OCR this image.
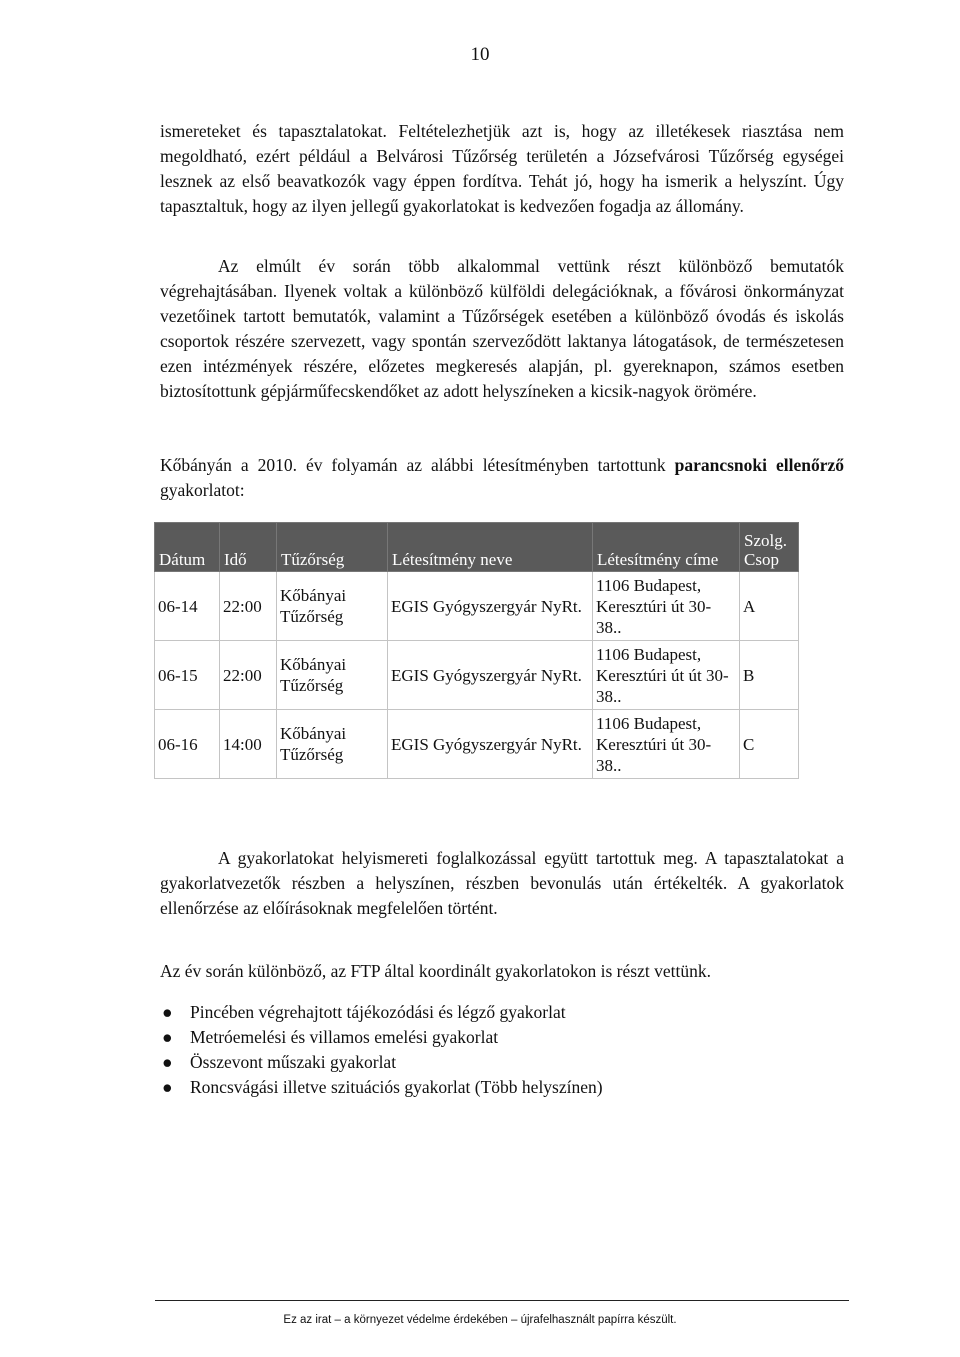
10

ismereteket és tapasztalatokat. Feltételezhetjük azt is, hogy az illetékesek riasztása nem megoldható, ezért például a Belvárosi Tűzőrség területén a Józsefvárosi Tűzőrség egységei lesznek az első beavatkozók vagy éppen fordítva. Tehát jó, hogy ha ismerik a helyszínt. Úgy tapasztaltuk, hogy az ilyen jellegű gyakorlatokat is kedvezően fogadja az állomány.

Az elmúlt év során több alkalommal vettünk részt különböző bemutatók végrehajtásában. Ilyenek voltak a különböző külföldi delegációknak, a fővárosi önkormányzat vezetőinek tartott bemutatók, valamint a Tűzőrségek esetében a különböző óvodás és iskolás csoportok részére szervezett, vagy spontán szerveződött laktanya látogatások, de természetesen ezen intézmények részére, előzetes megkeresés alapján, pl. gyereknapon, számos esetben biztosítottunk gépjárműfecskendőket az adott helyszíneken a kicsik-nagyok örömére.

Kőbányán a 2010. év folyamán az alábbi létesítményben tartottunk parancsnoki ellenőrző gyakorlatot:

Dátum	Idő	Tűzőrség	Létesítmény neve	Létesítmény címe	Szolg. Csop
06-14	22:00	Kőbányai Tűzőrség	EGIS Gyógyszergyár NyRt.	1106 Budapest, Keresztúri út 30-38..	A
06-15	22:00	Kőbányai Tűzőrség	EGIS Gyógyszergyár NyRt.	1106 Budapest, Keresztúri út út 30-38..	B
06-16	14:00	Kőbányai Tűzőrség	EGIS Gyógyszergyár NyRt.	1106 Budapest, Keresztúri út 30-38..	C

A gyakorlatokat helyismereti foglalkozással együtt tartottuk meg. A tapasztalatokat a gyakorlatvezetők részben a helyszínen, részben bevonulás után értékelték. A gyakorlatok ellenőrzése az előírásoknak megfelelően történt.

Az év során különböző, az FTP által koordinált gyakorlatokon is részt vettünk.

● Pincében végrehajtott tájékozódási és légző gyakorlat
● Metróemelési és villamos emelési gyakorlat
● Összevont műszaki gyakorlat
● Roncsvágási illetve szituációs gyakorlat (Több helyszínen)
Ez az irat – a környezet védelme érdekében – újrafelhasznált papírra készült.
